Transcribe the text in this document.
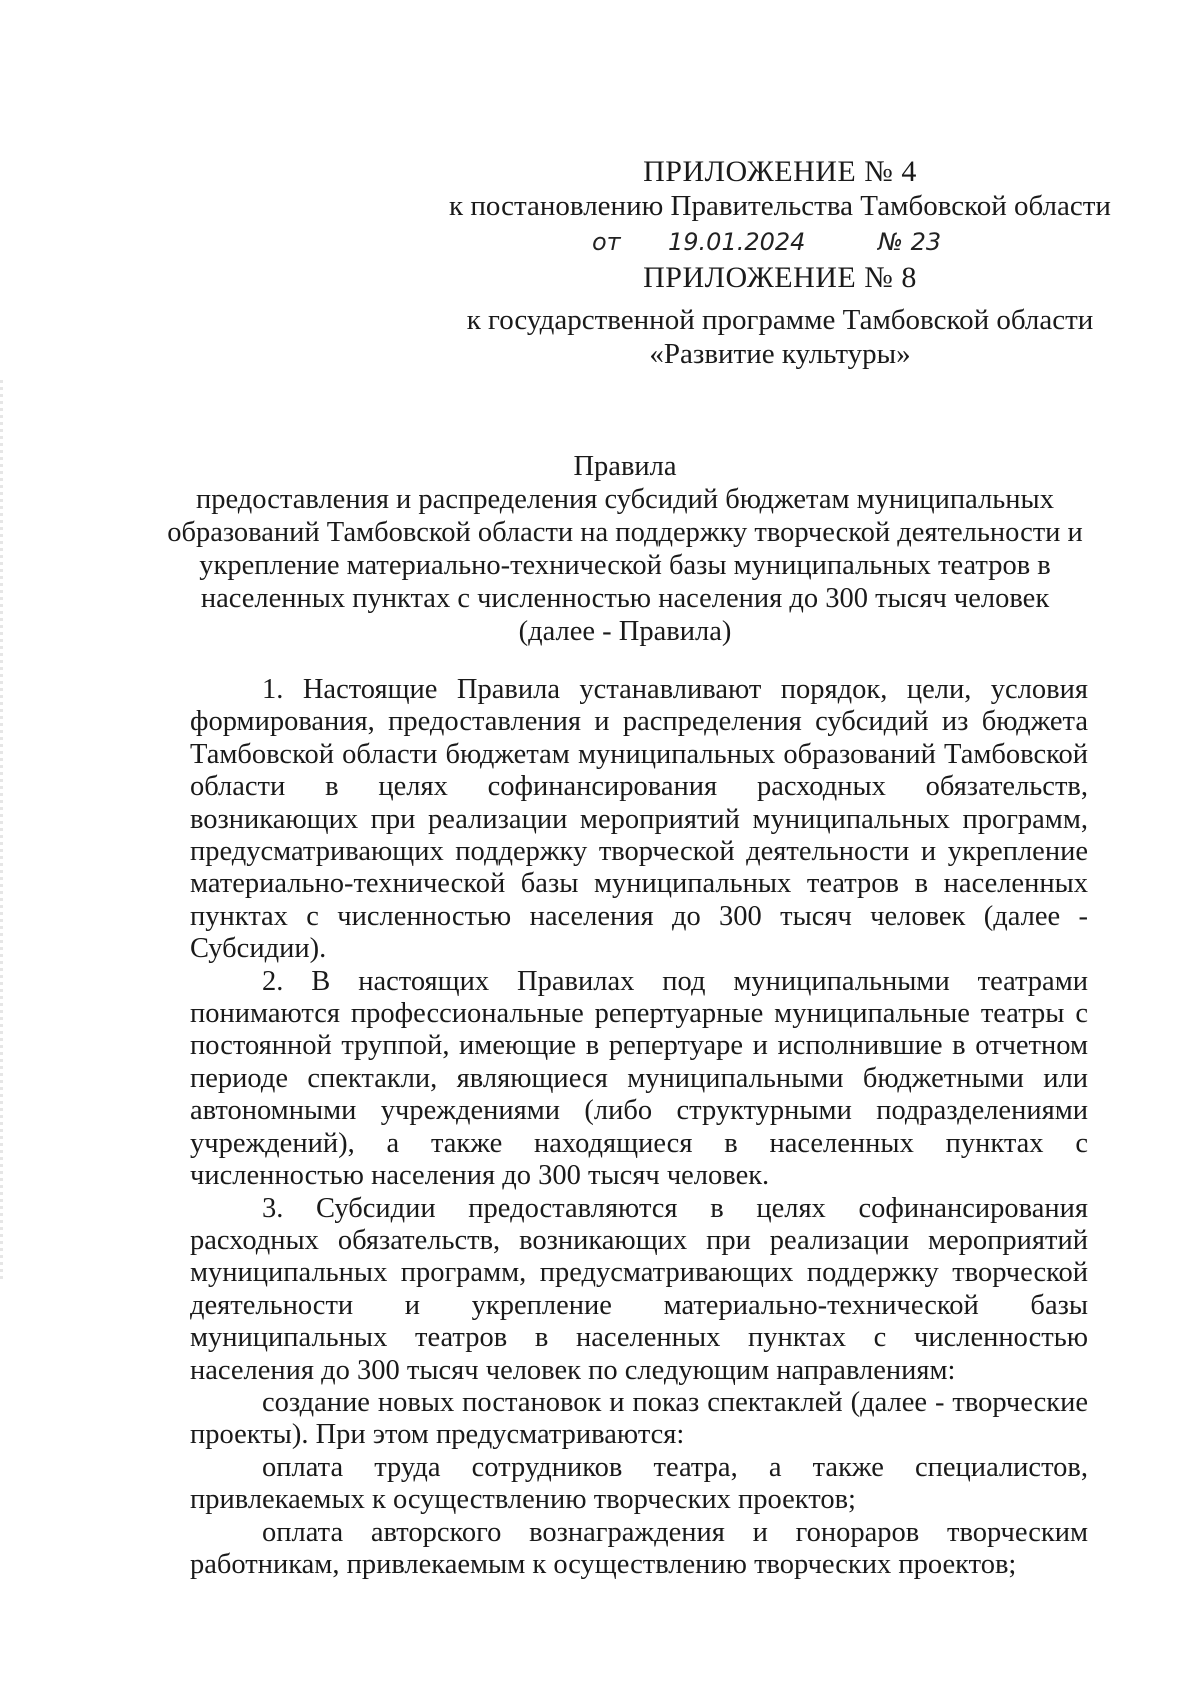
ПРИЛОЖЕНИЕ № 4
к постановлению Правительства Тамбовской области
от 19.01.2024	№ 23
ПРИЛОЖЕНИЕ № 8
к государственной программе Тамбовской области
«Развитие культуры»
Правила
предоставления и распределения субсидий бюджетам муниципальных
образований Тамбовской области на поддержку творческой деятельности и
укрепление материально-технической базы муниципальных театров в
населенных пунктах с численностью населения до 300 тысяч человек
(далее - Правила)

1. Настоящие Правила устанавливают порядок, цели, условия формирования, предоставления и распределения субсидий из бюджета Тамбовской области бюджетам муниципальных образований Тамбовской области в целях софинансирования расходных обязательств, возникающих при реализации мероприятий муниципальных программ, предусматривающих поддержку творческой деятельности и укрепление материально-технической базы муниципальных театров в населенных пунктах с численностью населения до 300 тысяч человек (далее - Субсидии).

2. В настоящих Правилах под муниципальными театрами понимаются профессиональные репертуарные муниципальные театры с постоянной труппой, имеющие в репертуаре и исполнившие в отчетном периоде спектакли, являющиеся муниципальными бюджетными или автономными учреждениями (либо структурными подразделениями учреждений), а также находящиеся в населенных пунктах с численностью населения до 300 тысяч человек.

3. Субсидии предоставляются в целях софинансирования расходных обязательств, возникающих при реализации мероприятий муниципальных программ, предусматривающих поддержку творческой деятельности и укрепление материально-технической базы муниципальных театров в населенных пунктах с численностью населения до 300 тысяч человек по следующим направлениям:

создание новых постановок и показ спектаклей (далее - творческие проекты). При этом предусматриваются:

оплата труда сотрудников театра, а также специалистов, привлекаемых к осуществлению творческих проектов;

оплата авторского вознаграждения и гонораров творческим работникам, привлекаемым к осуществлению творческих проектов;
